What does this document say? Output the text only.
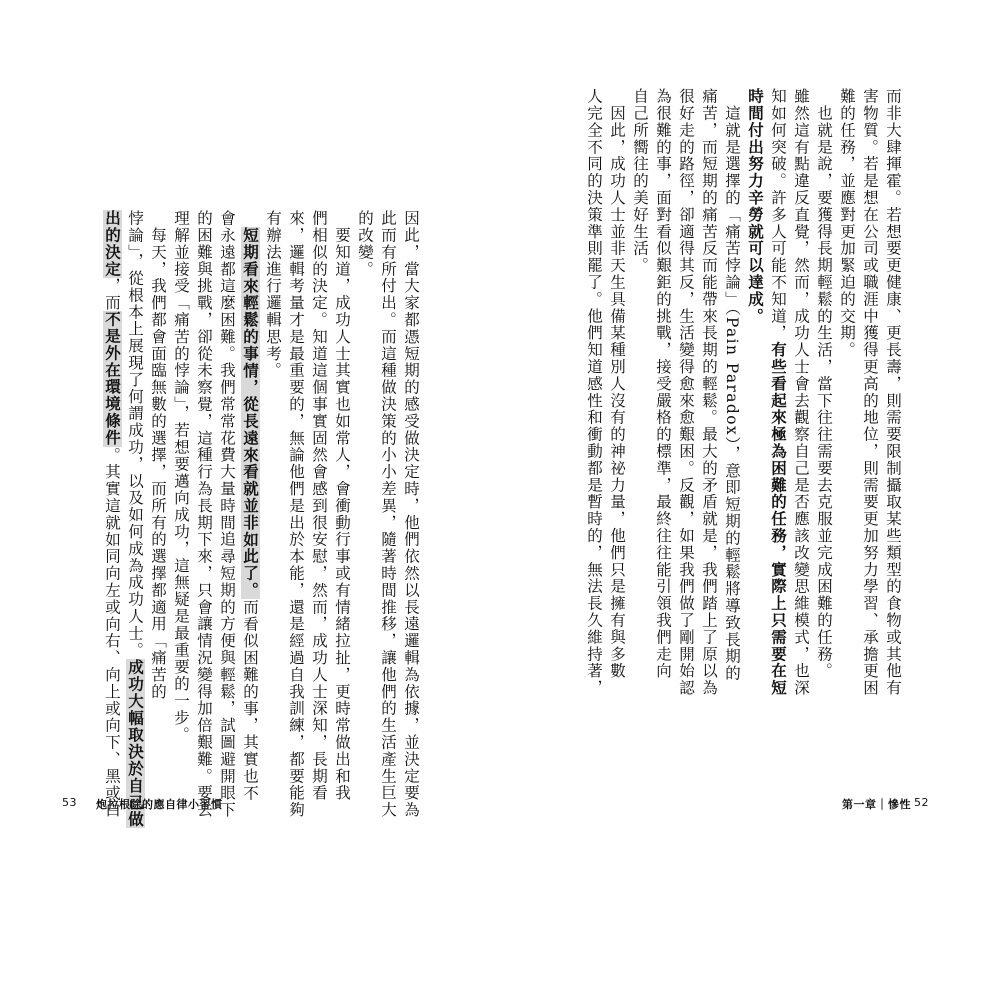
而非大肆揮霍。若想要更健康、更長壽，則需要限制攝取某些類型的食物或其他有
害物質。若是想在公司或職涯中獲得更高的地位，則需要更加努力學習、承擔更困
難的任務，並應對更加緊迫的交期。
　也就是說，要獲得長期輕鬆的生活，當下往往需要去克服並完成困難的任務。
雖然這有點違反直覺，然而，成功人士會去觀察自己是否應該改變思維模式，也深
知如何突破。許多人可能不知道，有些看起來極為困難的任務，實際上只需要在短
時間付出努力辛勞就可以達成。
　這就是選擇的「痛苦悖論」（Pain Paradox），意即短期的輕鬆將導致長期的
痛苦，而短期的痛苦反而能帶來長期的輕鬆。最大的矛盾就是，我們踏上了原以為
很好走的路徑，卻適得其反，生活變得愈來愈艱困。反觀，如果我們做了剛開始認
為很難的事，面對看似艱鉅的挑戰，接受嚴格的標準，最終往往能引領我們走向
自己所嚮往的美好生活。
　因此，成功人士並非天生具備某種別人沒有的神祕力量，他們只是擁有與多數
人完全不同的決策準則罷了。他們知道感性和衝動都是暫時的，無法長久維持著，
因此，當大家都憑短期的感受做決定時，他們依然以長遠邏輯為依據，並決定要為
此而有所付出。而這種做決策的小小差異，隨著時間推移，讓他們的生活產生巨大
的改變。
　要知道，成功人士其實也如常人，會衝動行事或有情緒拉扯，更時常做出和我
們相似的決定。知道這個事實固然會感到很安慰，然而，成功人士深知，長期看
來，邏輯考量才是最重要的，無論他們是出於本能，還是經過自我訓練，都要能夠
有辦法進行邏輯思考。
　短期看來輕鬆的事情，從長遠來看就並非如此了。而看似困難的事，其實也不
會永遠都這麼困難。我們常常花費大量時間追尋短期的方便與輕鬆，試圖避開眼下
的困難與挑戰，卻從未察覺，這種行為長期下來，只會讓情況變得加倍艱難。要去
理解並接受「痛苦的悖論」，若想要邁向成功，這無疑是最重要的一步。
　每天，我們都會面臨無數的選擇，而所有的選擇都適用「痛苦的
悖論」，從根本上展現了何謂成功，以及如何成為成功人士。成功大幅取決於自己做
出的決定，而不是外在環境條件。其實這就如同向左或向右、向上或向下、黑或白
53 炮拉根除的應自律小習慣	第一章｜慘性 52
